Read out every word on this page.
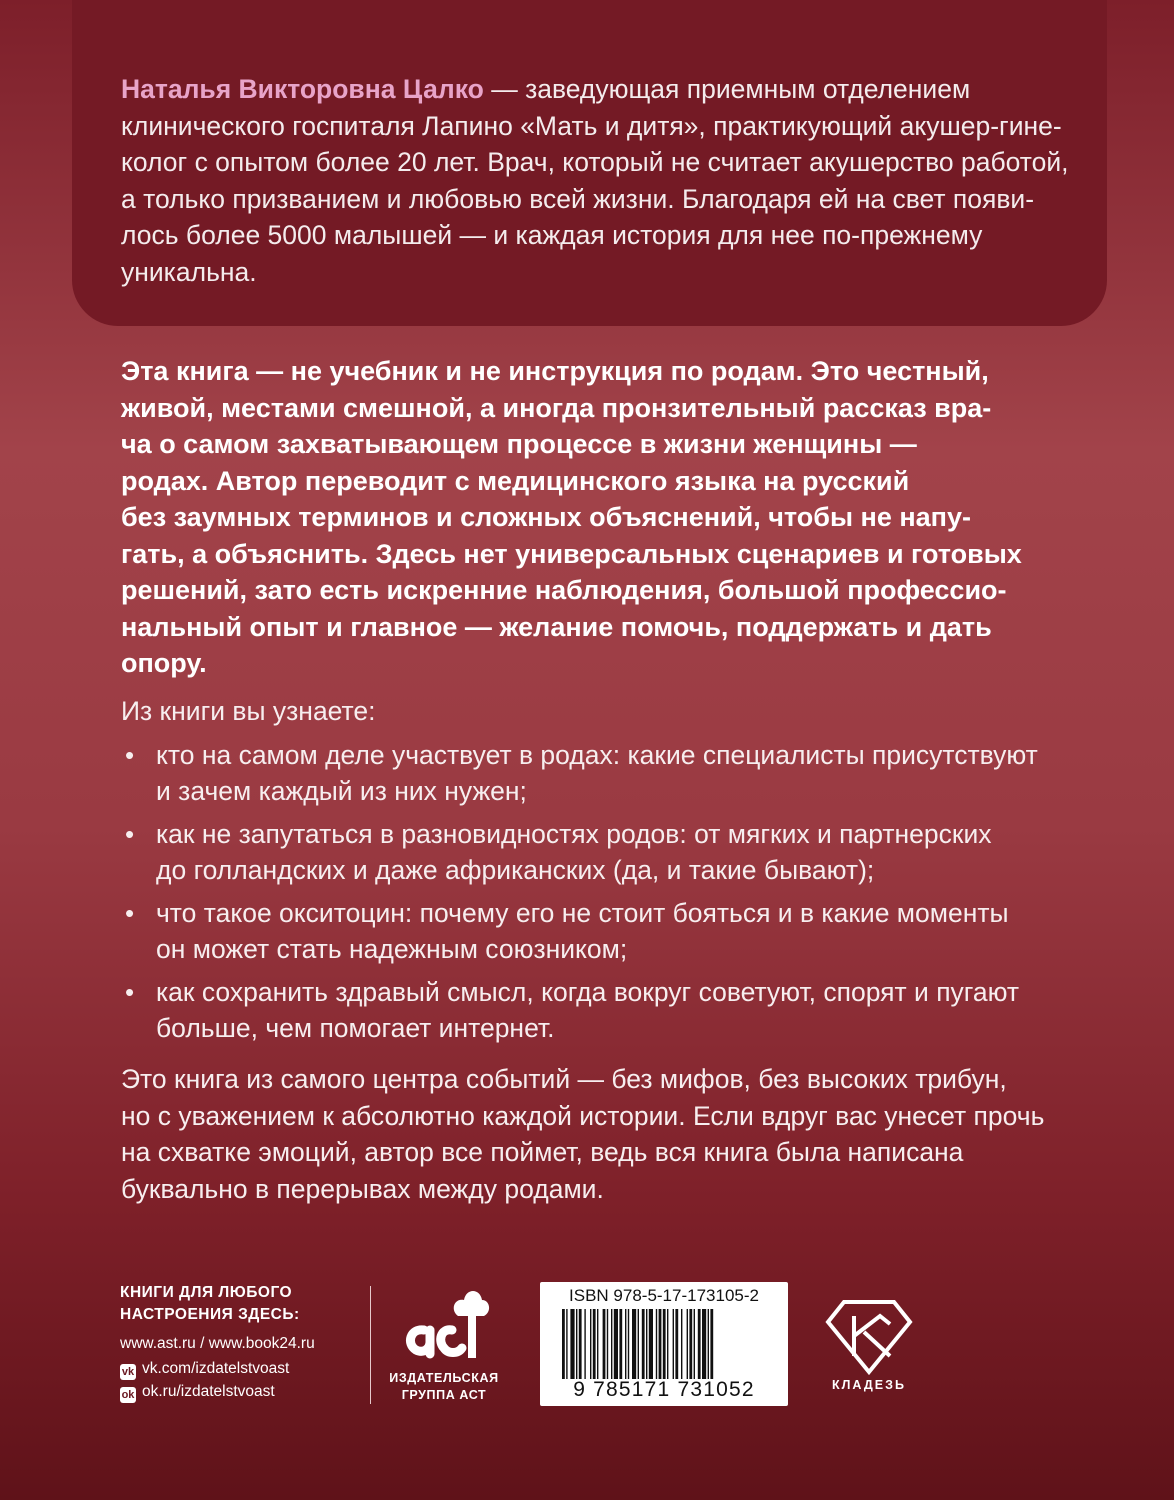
Наталья Викторовна Цалко — заведующая приемным отделением
клинического госпиталя Лапино «Мать и дитя», практикующий акушер-гине-
колог с опытом более 20 лет. Врач, который не считает акушерство работой,
а только призванием и любовью всей жизни. Благодаря ей на свет появи-
лось более 5000 малышей — и каждая история для нее по-прежнему
уникальна.
Эта книга — не учебник и не инструкция по родам. Это честный,
живой, местами смешной, а иногда пронзительный рассказ вра-
ча о самом захватывающем процессе в жизни женщины —
родах. Автор переводит с медицинского языка на русский
без заумных терминов и сложных объяснений, чтобы не напу-
гать, а объяснить. Здесь нет универсальных сценариев и готовых
решений, зато есть искренние наблюдения, большой профессио-
нальный опыт и главное — желание помочь, поддержать и дать
опору.
Из книги вы узнаете:
• кто на самом деле участвует в родах: какие специалисты присутствуют
и зачем каждый из них нужен;
• как не запутаться в разновидностях родов: от мягких и партнерских
до голландских и даже африканских (да, и такие бывают);
• что такое окситоцин: почему его не стоит бояться и в какие моменты
он может стать надежным союзником;
• как сохранить здравый смысл, когда вокруг советуют, спорят и пугают
больше, чем помогает интернет.
Это книга из самого центра событий — без мифов, без высоких трибун,
но с уважением к абсолютно каждой истории. Если вдруг вас унесет прочь
на схватке эмоций, автор все поймет, ведь вся книга была написана
буквально в перерывах между родами.
КНИГИ ДЛЯ ЛЮБОГО
НАСТРОЕНИЯ ЗДЕСЬ:
www.ast.ru / www.book24.ru
vk vk.com/izdatelstvoast
ok ok.ru/izdatelstvoast
ИЗДАТЕЛЬСКАЯ
ГРУППА АСТ
ISBN 978-5-17-173105-2
9 785171 731052	КЛАДЕЗЬ
